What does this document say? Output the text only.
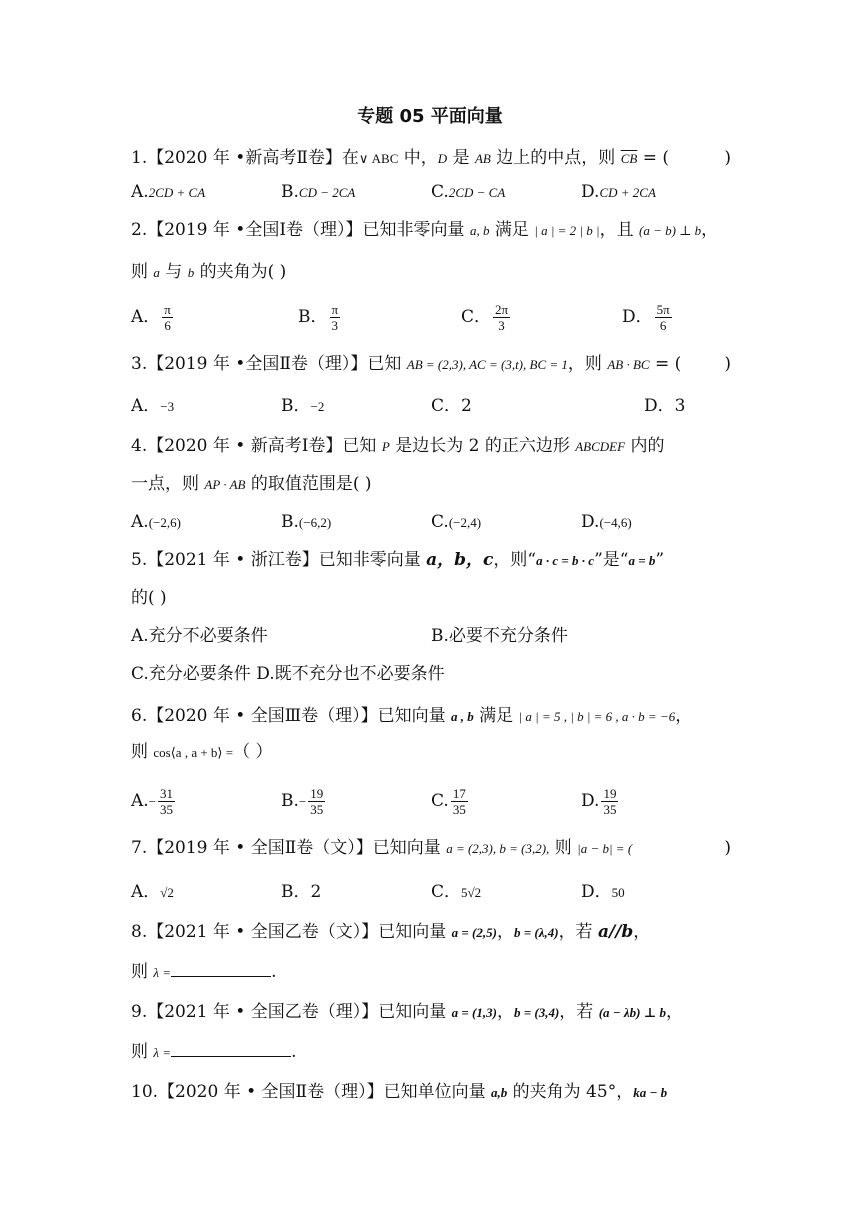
专题 05 平面向量
1.【2020 年 •新高考Ⅱ卷】在∨ ABC 中，D 是 AB 边上的中点，则 $\overline{CB}$ = (	)
A.2CD + CA	B.CD − 2CA	C.2CD − CA	D.CD + 2CA
2.【2019 年 •全国Ⅰ卷（理）】已知非零向量 a, b 满足 | a | = 2 | b |，且 (a − b) ⊥ b，
则 a 与 b 的夹角为( )
A． $\frac{\pi}{6}$	B． $\frac{\pi}{3}$	C． $\frac{2\pi}{3}$	D． $\frac{5\pi}{6}$
3.【2019 年 •全国Ⅱ卷（理）】已知 AB = (2,3), AC = (3,t), BC = 1，则 AB · BC = (	)
A．−3	B．−2	C．2	D．3
4.【2020 年 • 新高考Ⅰ卷】已知 P 是边长为 2 的正六边形 ABCDEF 内的
一点，则 AP · AB 的取值范围是( )
A.(−2,6)	B.(−6,2)	C.(−2,4)	D.(−4,6)
5.【2021 年 • 浙江卷】已知非零向量 a，b，c，则“a · c = b · c”是“a = b”
的( )
A.充分不必要条件	B.必要不充分条件
C.充分必要条件 D.既不充分也不必要条件
6.【2020 年 • 全国Ⅲ卷（理）】已知向量 a , b 满足 | a | = 5 , | b | = 6 , a · b = −6，
则 cos⟨a , a + b⟩ =（ ）
$A.- \frac{31}{35}$	$B.- \frac{19}{35}$	C. $\frac{17}{35}$	D. $\frac{19}{35}$
7.【2019 年 • 全国Ⅱ卷（文）】已知向量 a = (2,3), b = (3,2), 则 |a − b| = (	)
A．√2	B．2	C．5√2	D．50
8.【2021 年 • 全国乙卷（文）】已知向量 a = (2,5)，b = (λ,4)，若 a//b，
则 λ =	.
9.【2021 年 • 全国乙卷（理）】已知向量 a = (1,3)，b = (3,4)，若 (a − λb) ⊥ b，
则 λ =	.
10.【2020 年 • 全国Ⅱ卷（理）】已知单位向量 a,b 的夹角为 45°，ka − b
